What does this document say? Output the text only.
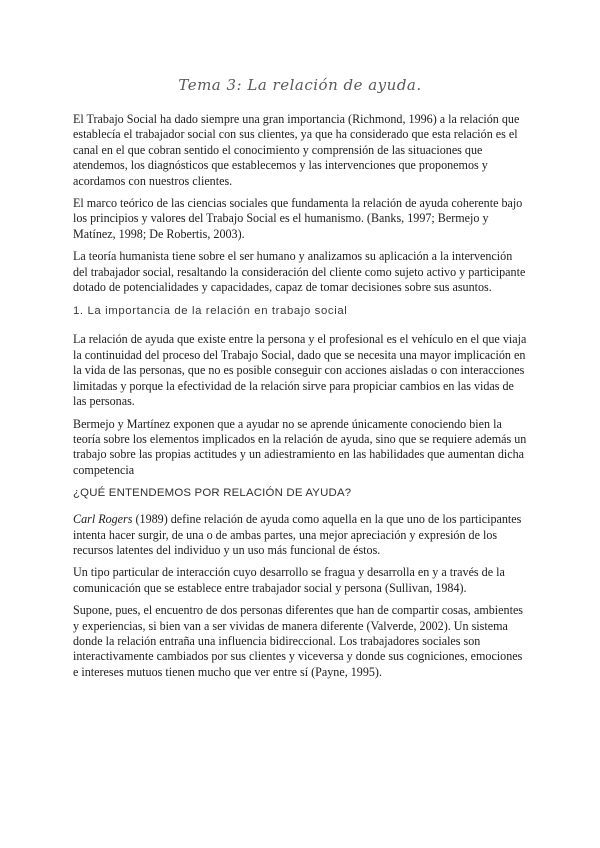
Tema 3: La relación de ayuda.

El Trabajo Social ha dado siempre una gran importancia (Richmond, 1996) a la relación que establecía el trabajador social con sus clientes, ya que ha considerado que esta relación es el canal en el que cobran sentido el conocimiento y comprensión de las situaciones que atendemos, los diagnósticos que establecemos y las intervenciones que proponemos y acordamos con nuestros clientes.

El marco teórico de las ciencias sociales que fundamenta la relación de ayuda coherente bajo los principios y valores del Trabajo Social es el humanismo. (Banks, 1997; Bermejo y Matínez, 1998; De Robertis, 2003).

La teoría humanista tiene sobre el ser humano y analizamos su aplicación a la intervención del trabajador social, resaltando la consideración del cliente como sujeto activo y participante dotado de potencialidades y capacidades, capaz de tomar decisiones sobre sus asuntos.

1. La importancia de la relación en trabajo social

La relación de ayuda que existe entre la persona y el profesional es el vehículo en el que viaja la continuidad del proceso del Trabajo Social, dado que se necesita una mayor implicación en la vida de las personas, que no es posible conseguir con acciones aisladas o con interacciones limitadas y porque la efectividad de la relación sirve para propiciar cambios en las vidas de las personas.

Bermejo y Martínez exponen que a ayudar no se aprende únicamente conociendo bien la teoría sobre los elementos implicados en la relación de ayuda, sino que se requiere además un trabajo sobre las propias actitudes y un adiestramiento en las habilidades que aumentan dicha competencia

¿QUÉ ENTENDEMOS POR RELACIÓN DE AYUDA?

Carl Rogers (1989) define relación de ayuda como aquella en la que uno de los participantes intenta hacer surgir, de una o de ambas partes, una mejor apreciación y expresión de los recursos latentes del individuo y un uso más funcional de éstos.

Un tipo particular de interacción cuyo desarrollo se fragua y desarrolla en y a través de la comunicación que se establece entre trabajador social y persona (Sullivan, 1984).

Supone, pues, el encuentro de dos personas diferentes que han de compartir cosas, ambientes y experiencias, si bien van a ser vividas de manera diferente (Valverde, 2002). Un sistema donde la relación entraña una influencia bidireccional. Los trabajadores sociales son interactivamente cambiados por sus clientes y viceversa y donde sus cogniciones, emociones e intereses mutuos tienen mucho que ver entre sí (Payne, 1995).
